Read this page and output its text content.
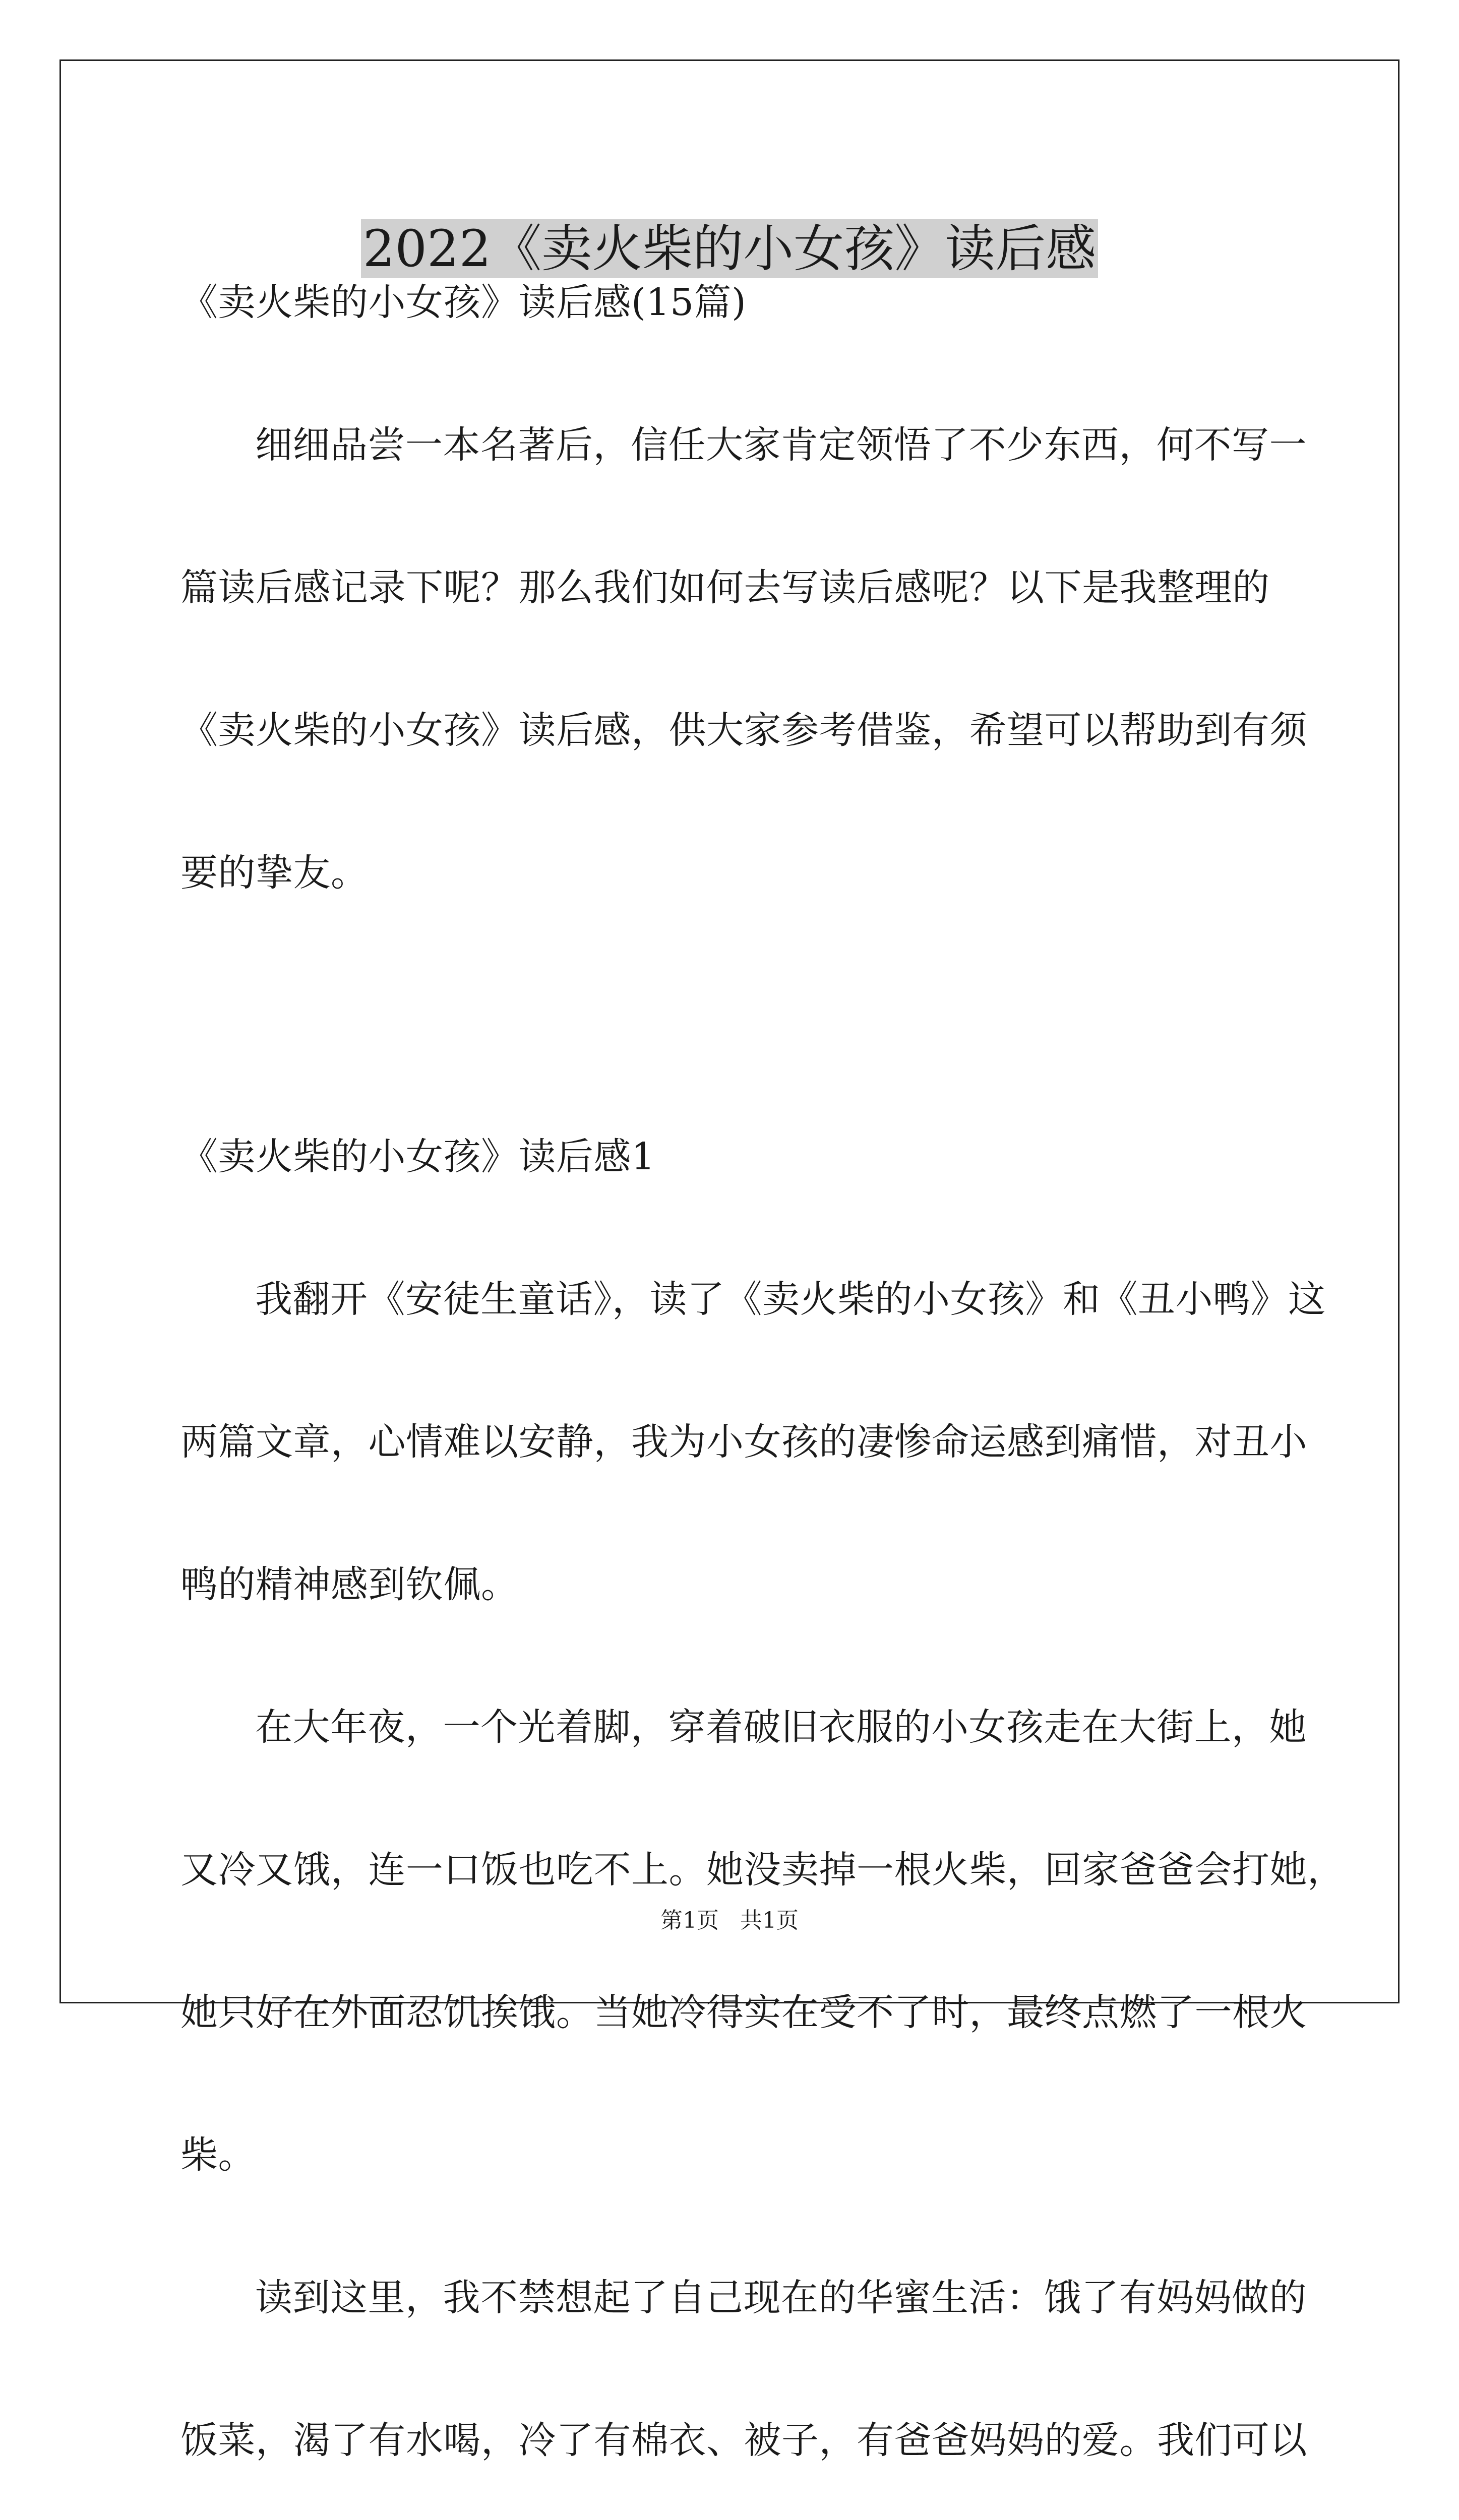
2022《卖火柴的小女孩》读后感
《卖火柴的小女孩》读后感(15篇)
细细品尝一本名著后，信任大家肯定领悟了不少东西，何不写一
篇读后感记录下呢？那么我们如何去写读后感呢？以下是我整理的
《卖火柴的小女孩》读后感，供大家参考借鉴，希望可以帮助到有须
要的挚友。
《卖火柴的小女孩》读后感1
我翻开《安徒生童话》，读了《卖火柴的小女孩》和《丑小鸭》这
两篇文章，心情难以安静，我为小女孩的凄惨命运感到痛惜，对丑小
鸭的精神感到钦佩。
在大年夜，一个光着脚，穿着破旧衣服的小女孩走在大街上，她
又冷又饿，连一口饭也吃不上。她没卖掉一根火柴，回家爸爸会打她，
她只好在外面忍饥挨饿。当她冷得实在受不了时，最终点燃了一根火
柴。
读到这里，我不禁想起了自己现在的华蜜生活：饿了有妈妈做的
饭菜，渴了有水喝，冷了有棉衣、被子，有爸爸妈妈的爱。我们可以
第1页   共1页
